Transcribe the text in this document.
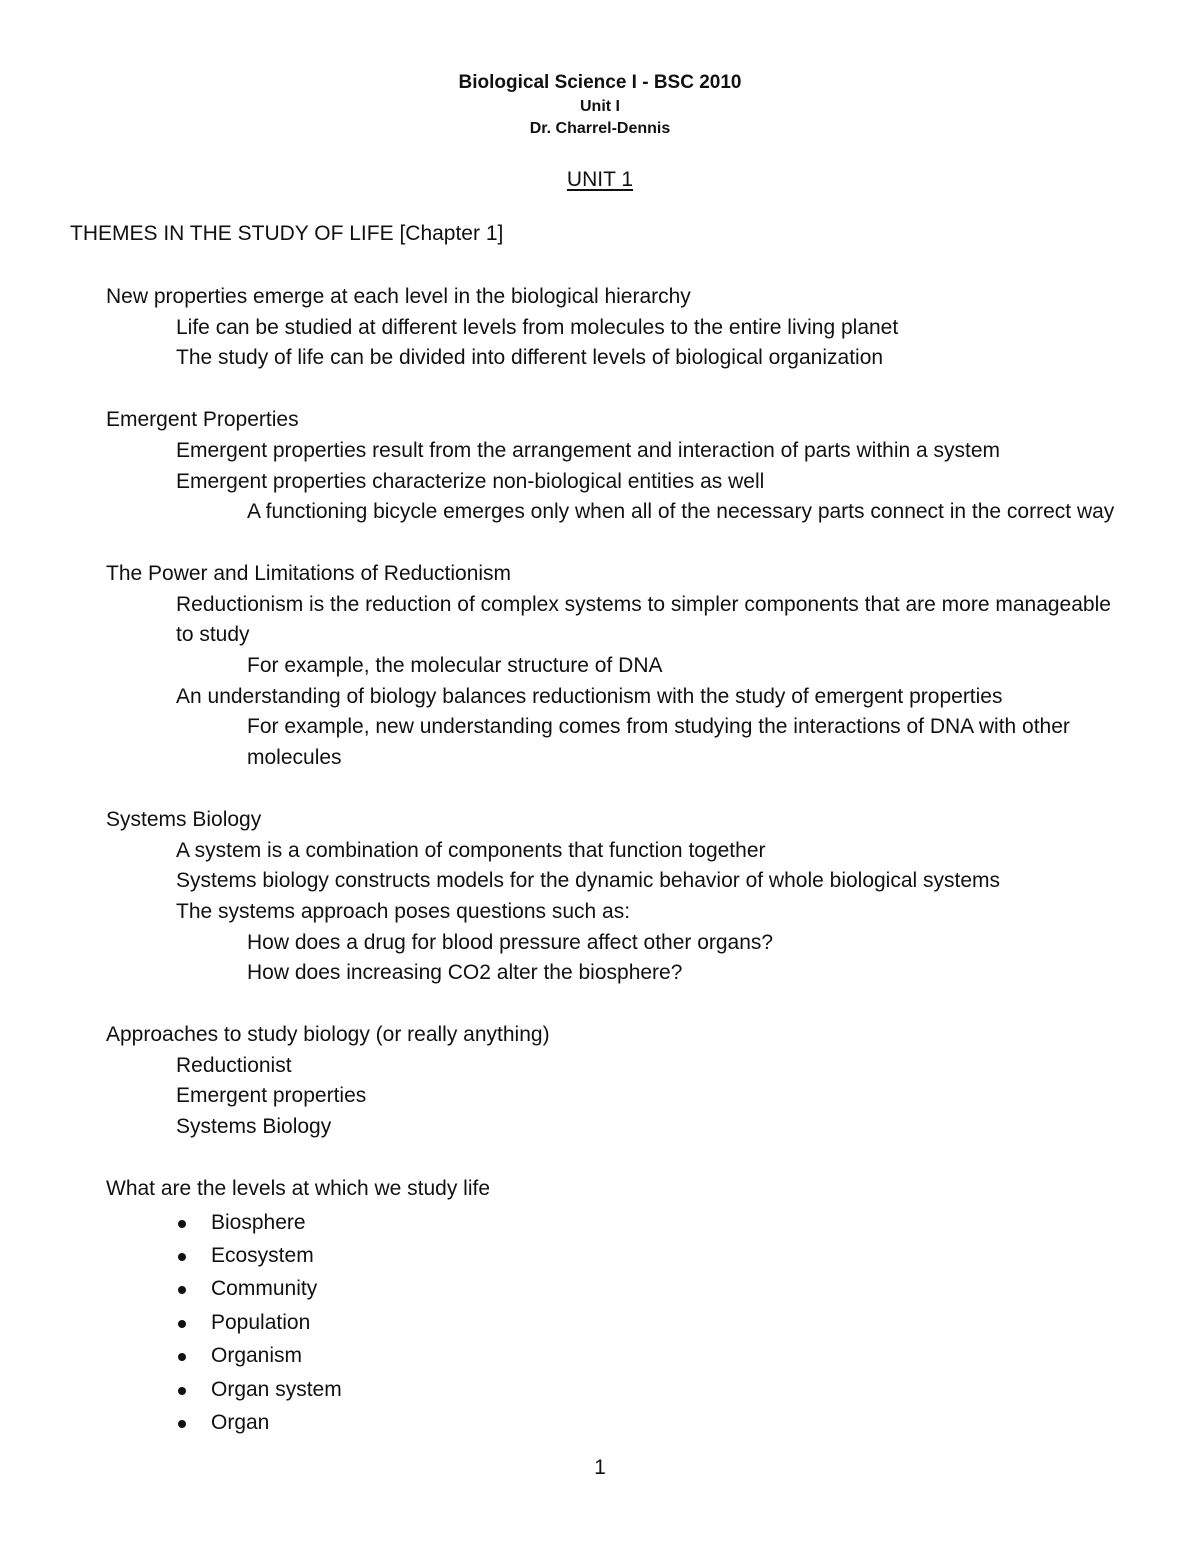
Biological Science I - BSC 2010
Unit I
Dr. Charrel-Dennis
UNIT 1
THEMES IN THE STUDY OF LIFE [Chapter 1]
New properties emerge at each level in the biological hierarchy
Life can be studied at different levels from molecules to the entire living planet
The study of life can be divided into different levels of biological organization
Emergent Properties
Emergent properties result from the arrangement and interaction of parts within a system
Emergent properties characterize non-biological entities as well
A functioning bicycle emerges only when all of the necessary parts connect in the correct way
The Power and Limitations of Reductionism
Reductionism is the reduction of complex systems to simpler components that are more manageable
to study
For example, the molecular structure of DNA
An understanding of biology balances reductionism with the study of emergent properties
For example, new understanding comes from studying the interactions of DNA with other
molecules
Systems Biology
A system is a combination of components that function together
Systems biology constructs models for the dynamic behavior of whole biological systems
The systems approach poses questions such as:
How does a drug for blood pressure affect other organs?
How does increasing CO2 alter the biosphere?
Approaches to study biology (or really anything)
Reductionist
Emergent properties
Systems Biology
What are the levels at which we study life
Biosphere
Ecosystem
Community
Population
Organism
Organ system
Organ
1
